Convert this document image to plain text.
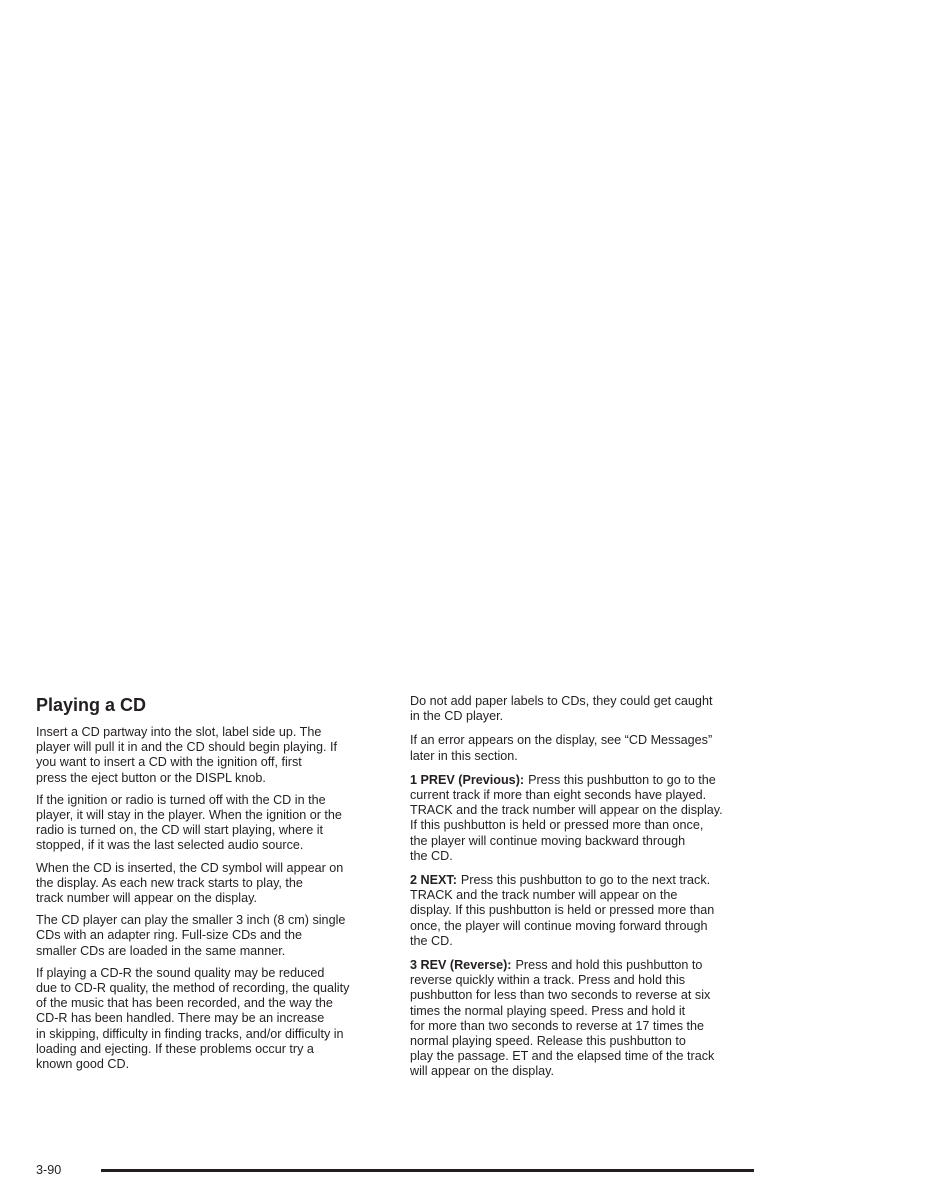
Playing a CD

Insert a CD partway into the slot, label side up. The
player will pull it in and the CD should begin playing. If
you want to insert a CD with the ignition off, first
press the eject button or the DISPL knob.

If the ignition or radio is turned off with the CD in the
player, it will stay in the player. When the ignition or the
radio is turned on, the CD will start playing, where it
stopped, if it was the last selected audio source.

When the CD is inserted, the CD symbol will appear on
the display. As each new track starts to play, the
track number will appear on the display.

The CD player can play the smaller 3 inch (8 cm) single
CDs with an adapter ring. Full-size CDs and the
smaller CDs are loaded in the same manner.

If playing a CD-R the sound quality may be reduced
due to CD-R quality, the method of recording, the quality
of the music that has been recorded, and the way the
CD-R has been handled. There may be an increase
in skipping, difficulty in finding tracks, and/or difficulty in
loading and ejecting. If these problems occur try a
known good CD.

Do not add paper labels to CDs, they could get caught
in the CD player.

If an error appears on the display, see “CD Messages”
later in this section.

1 PREV (Previous): Press this pushbutton to go to the
current track if more than eight seconds have played.
TRACK and the track number will appear on the display.
If this pushbutton is held or pressed more than once,
the player will continue moving backward through
the CD.

2 NEXT: Press this pushbutton to go to the next track.
TRACK and the track number will appear on the
display. If this pushbutton is held or pressed more than
once, the player will continue moving forward through
the CD.

3 REV (Reverse): Press and hold this pushbutton to
reverse quickly within a track. Press and hold this
pushbutton for less than two seconds to reverse at six
times the normal playing speed. Press and hold it
for more than two seconds to reverse at 17 times the
normal playing speed. Release this pushbutton to
play the passage. ET and the elapsed time of the track
will appear on the display.

3-90
